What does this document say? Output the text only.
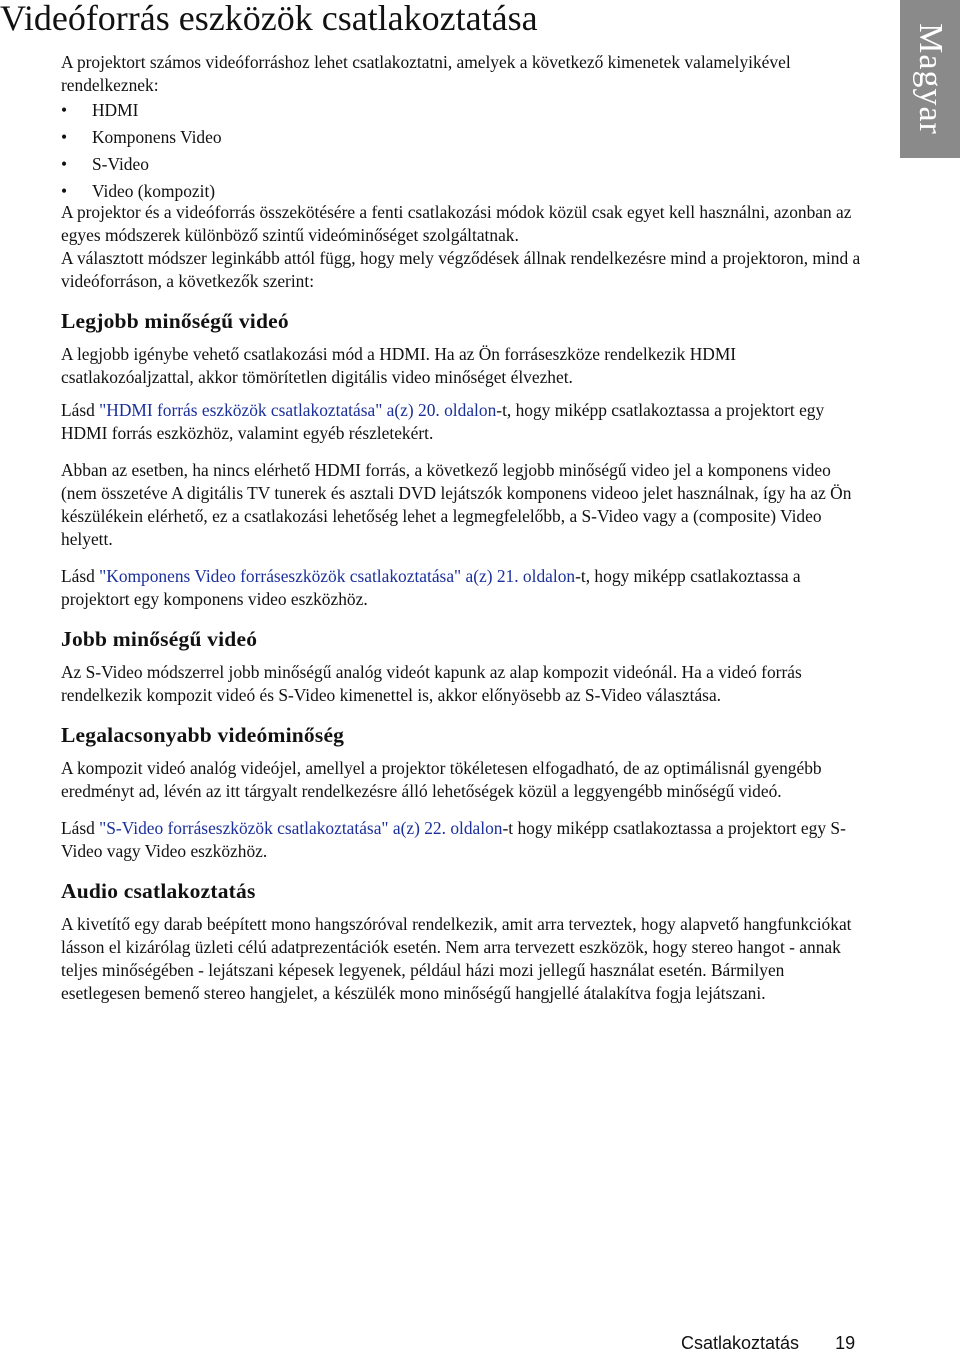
Videóforrás eszközök csatlakoztatása
Magyar

A projektort számos videóforráshoz lehet csatlakoztatni, amelyek a következő kimenetek valamelyikével rendelkeznek:

• HDMI
• Komponens Video
• S-Video
• Video (kompozit)

A projektor és a videóforrás összekötésére a fenti csatlakozási módok közül csak egyet kell használni, azonban az egyes módszerek különböző szintű videóminőséget szolgáltatnak.

A választott módszer leginkább attól függ, hogy mely végződések állnak rendelkezésre mind a projektoron, mind a videóforráson, a következők szerint:

Legjobb minőségű videó

A legjobb igénybe vehető csatlakozási mód a HDMI. Ha az Ön forráseszköze rendelkezik HDMI csatlakozóaljzattal, akkor tömörítetlen digitális video minőséget élvezhet.

Lásd "HDMI forrás eszközök csatlakoztatása" a(z) 20. oldalon-t, hogy miképp csatlakoztassa a projektort egy HDMI forrás eszközhöz, valamint egyéb részletekért.

Abban az esetben, ha nincs elérhető HDMI forrás, a következő legjobb minőségű video jel a komponens video (nem összetéve A digitális TV tunerek és asztali DVD lejátszók komponens videoo jelet használnak, így ha az Ön készülékein elérhető, ez a csatlakozási lehetőség lehet a legmegfelelőbb, a S-Video vagy a (composite) Video helyett.

Lásd "Komponens Video forráseszközök csatlakoztatása" a(z) 21. oldalon-t, hogy miképp csatlakoztassa a projektort egy komponens video eszközhöz.

Jobb minőségű videó

Az S-Video módszerrel jobb minőségű analóg videót kapunk az alap kompozit videónál. Ha a videó forrás rendelkezik kompozit videó és S-Video kimenettel is, akkor előnyösebb az S-Video választása.

Legalacsonyabb videóminőség

A kompozit videó analóg videójel, amellyel a projektor tökéletesen elfogadható, de az optimálisnál gyengébb eredményt ad, lévén az itt tárgyalt rendelkezésre álló lehetőségek közül a leggyengébb minőségű videó.

Lásd "S-Video forráseszközök csatlakoztatása" a(z) 22. oldalon-t hogy miképp csatlakoztassa a projektort egy S-Video vagy Video eszközhöz.

Audio csatlakoztatás

A kivetítő egy darab beépített mono hangszóróval rendelkezik, amit arra terveztek, hogy alapvető hangfunkciókat lásson el kizárólag üzleti célú adatprezentációk esetén. Nem arra tervezett eszközök, hogy stereo hangot - annak teljes minőségében - lejátszani képesek legyenek, például házi mozi jellegű használat esetén. Bármilyen esetlegesen bemenő stereo hangjelet, a készülék mono minőségű hangjellé átalakítva fogja lejátszani.

Csatlakoztatás 19
